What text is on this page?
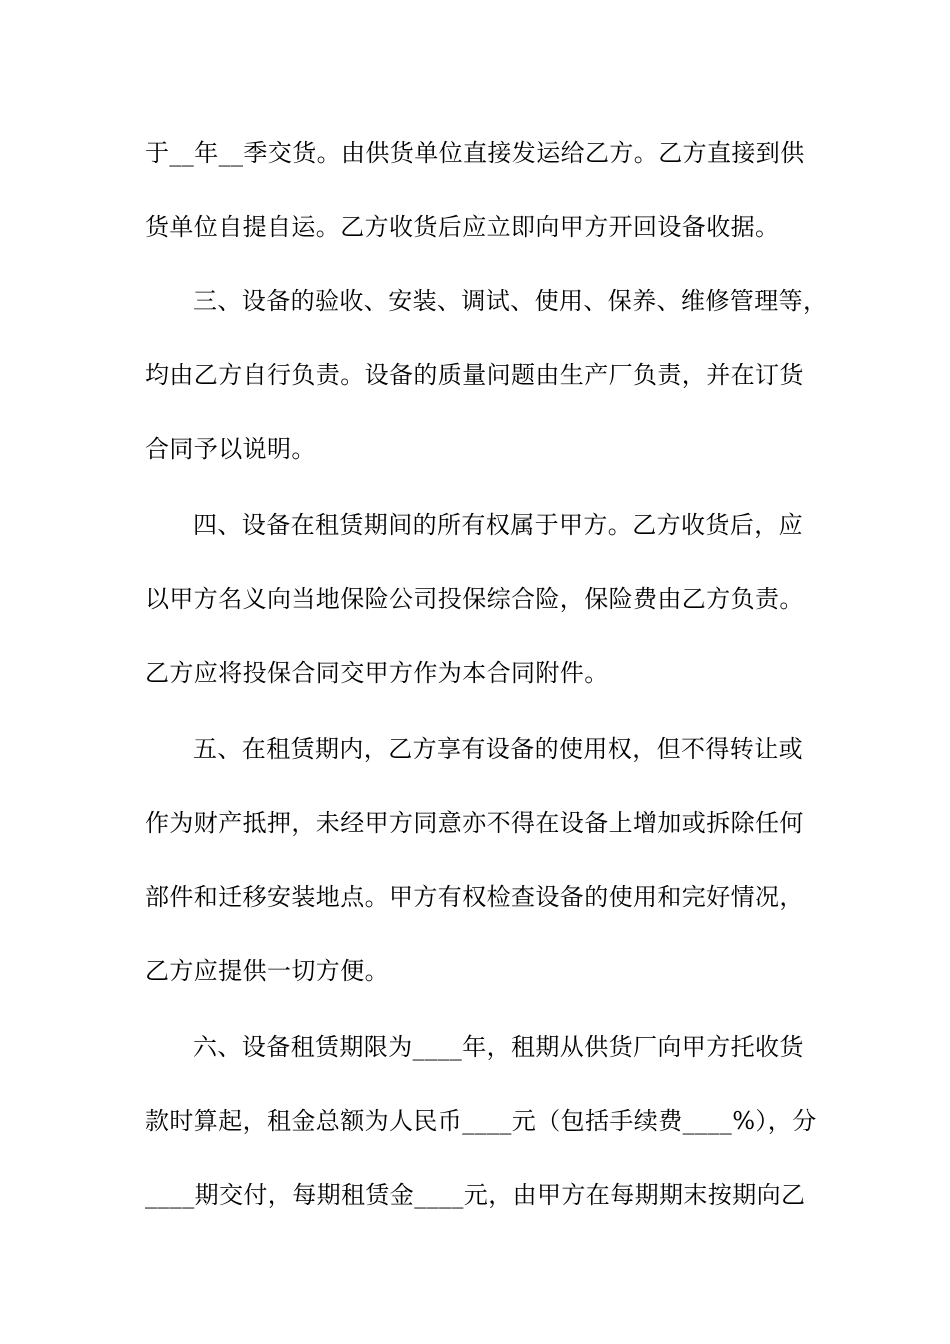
于__年__季交货。由供货单位直接发运给乙方。乙方直接到供
货单位自提自运。乙方收货后应立即向甲方开回设备收据。
三、设备的验收、安装、调试、使用、保养、维修管理等，
均由乙方自行负责。设备的质量问题由生产厂负责，并在订货
合同予以说明。
四、设备在租赁期间的所有权属于甲方。乙方收货后，应
以甲方名义向当地保险公司投保综合险，保险费由乙方负责。
乙方应将投保合同交甲方作为本合同附件。
五、在租赁期内，乙方享有设备的使用权，但不得转让或
作为财产抵押，未经甲方同意亦不得在设备上增加或拆除任何
部件和迁移安装地点。甲方有权检查设备的使用和完好情况，
乙方应提供一切方便。
六、设备租赁期限为____年，租期从供货厂向甲方托收货
款时算起，租金总额为人民币____元（包括手续费____%），分
____期交付，每期租赁金____元，由甲方在每期期末按期向乙
